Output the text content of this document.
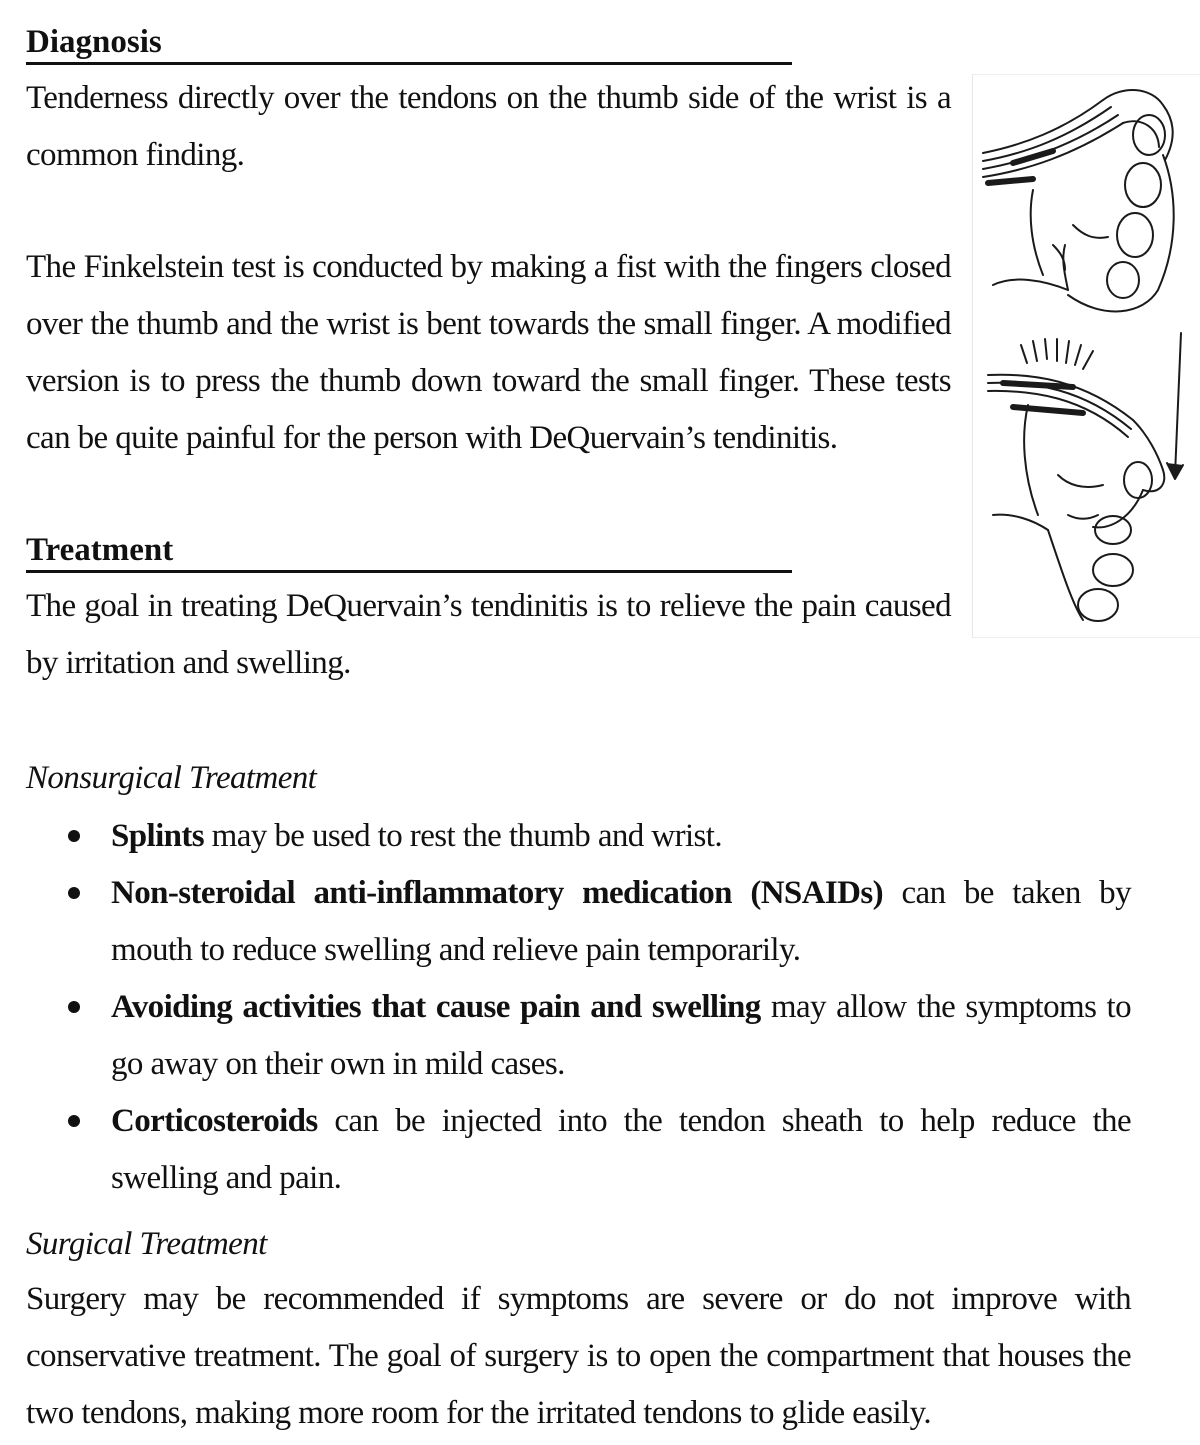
Diagnosis
Tenderness directly over the tendons on the thumb side of the wrist is a common finding.
The Finkelstein test is conducted by making a fist with the fingers closed over the thumb and the wrist is bent towards the small finger. A modified version is to press the thumb down toward the small finger. These tests can be quite painful for the person with DeQuervain’s tendinitis.
Treatment
The goal in treating DeQuervain’s tendinitis is to relieve the pain caused by irritation and swelling.
Nonsurgical Treatment
Splints may be used to rest the thumb and wrist.
Non-steroidal anti-inflammatory medication (NSAIDs) can be taken by mouth to reduce swelling and relieve pain temporarily.
Avoiding activities that cause pain and swelling may allow the symptoms to go away on their own in mild cases.
Corticosteroids can be injected into the tendon sheath to help reduce the swelling and pain.
Surgical Treatment
Surgery may be recommended if symptoms are severe or do not improve with conservative treatment. The goal of surgery is to open the compartment that houses the two tendons, making more room for the irritated tendons to glide easily.
